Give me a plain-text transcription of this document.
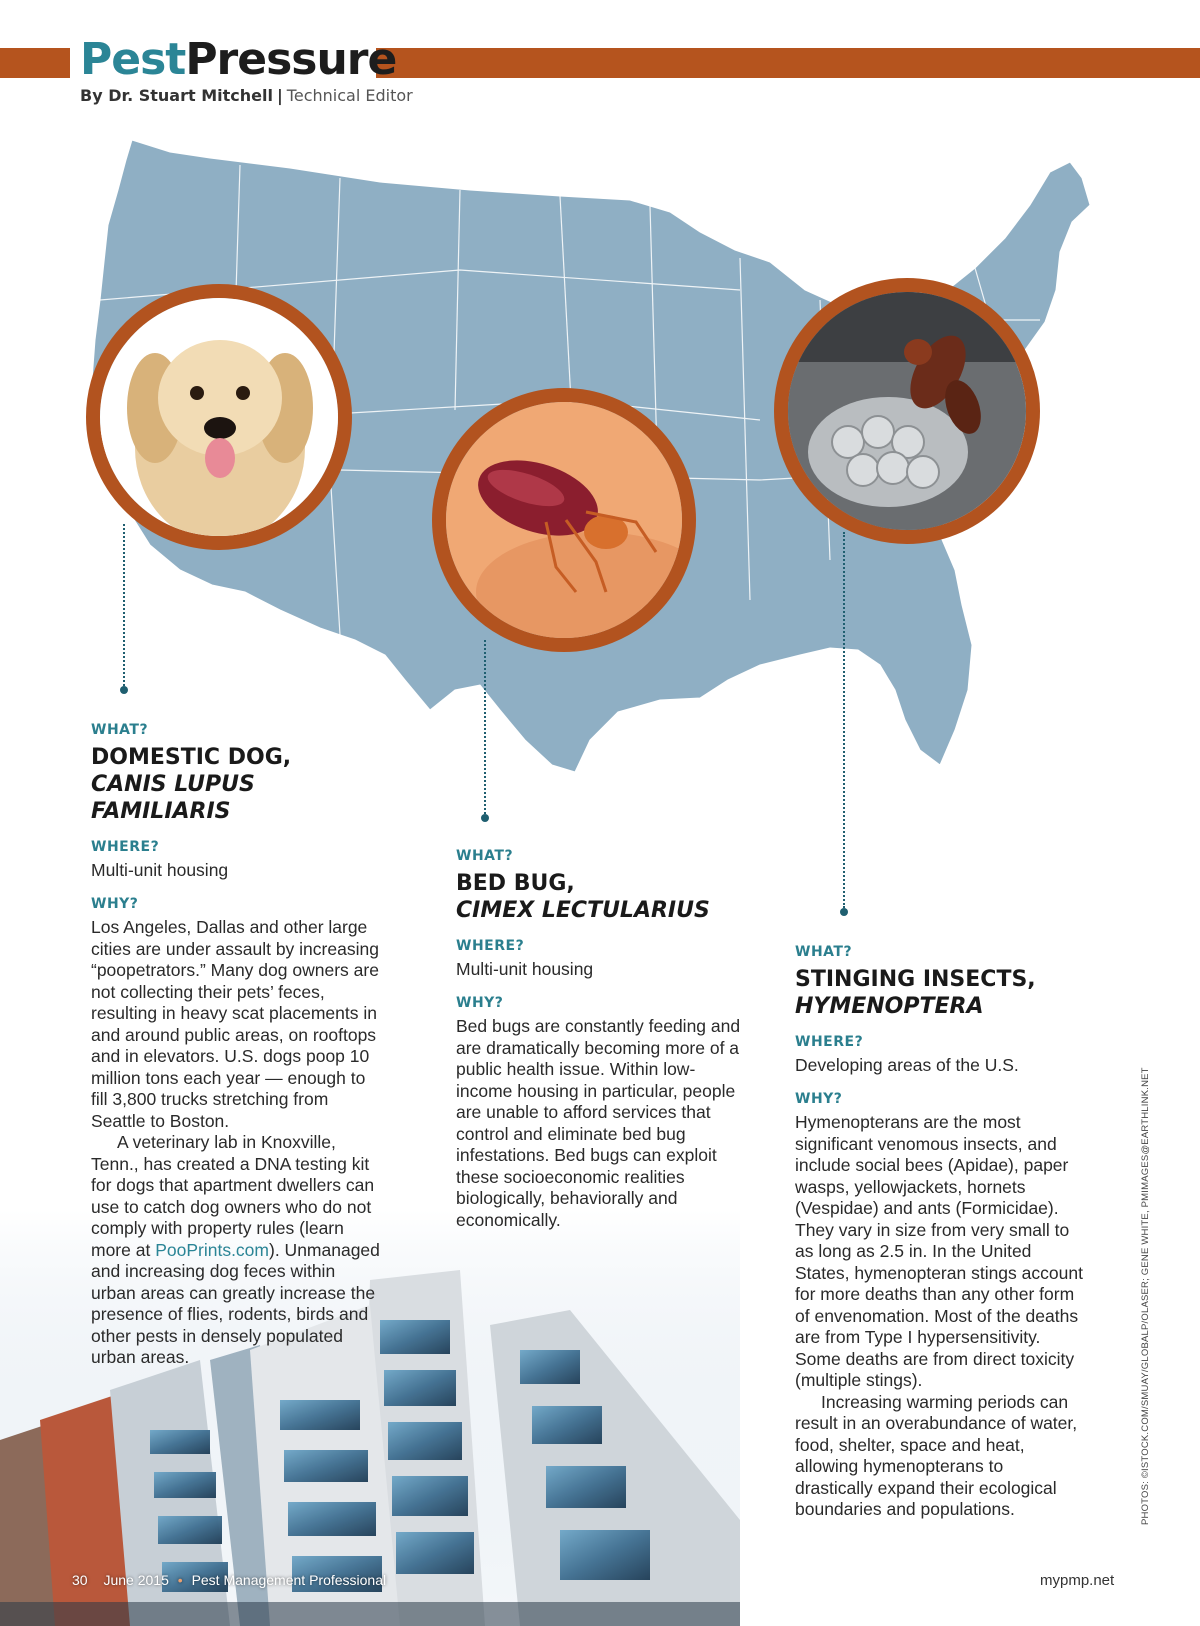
PestPressure
By Dr. Stuart Mitchell | Technical Editor
WHAT?
DOMESTIC DOG,
CANIS LUPUS FAMILIARIS
WHERE?

Multi-unit housing

WHY?

Los Angeles, Dallas and other large cities are under assault by increasing “poopetrators.” Many dog owners are not collecting their pets’ feces, resulting in heavy scat placements in and around public areas, on rooftops and in elevators. U.S. dogs poop 10 million tons each year — enough to fill 3,800 trucks stretching from Seattle to Boston.

A veterinary lab in Knoxville, Tenn., has created a DNA testing kit for dogs that apartment dwellers can use to catch dog owners who do not comply with property rules (learn more at PooPrints.com). Unmanaged and increasing dog feces within urban areas can greatly increase the presence of flies, rodents, birds and other pests in densely populated urban areas.

WHAT?
BED BUG,
CIMEX LECTULARIUS
WHERE?

Multi-unit housing

WHY?

Bed bugs are constantly feeding and are dramatically becoming more of a public health issue. Within low-income housing in particular, people are unable to afford services that control and eliminate bed bug infestations. Bed bugs can exploit these socioeconomic realities biologically, behaviorally and economically.

WHAT?
STINGING INSECTS,
HYMENOPTERA
WHERE?

Developing areas of the U.S.

WHY?

Hymenopterans are the most significant venomous insects, and include social bees (Apidae), paper wasps, yellowjackets, hornets (Vespidae) and ants (Formicidae). They vary in size from very small to as long as 2.5 in. In the United States, hymenopteran stings account for more deaths than any other form of envenomation. Most of the deaths are from Type I hypersensitivity. Some deaths are from direct toxicity (multiple stings).

Increasing warming periods can result in an overabundance of water, food, shelter, space and heat, allowing hymenopterans to drastically expand their ecological boundaries and populations.	PHOTOS: ©ISTOCK.COM/SMUAY/GLOBALP/OLASER; GENE WHITE, PMIMAGES@EARTHLINK.NET
30 June 2015 • Pest Management Professional	mypmp.net
